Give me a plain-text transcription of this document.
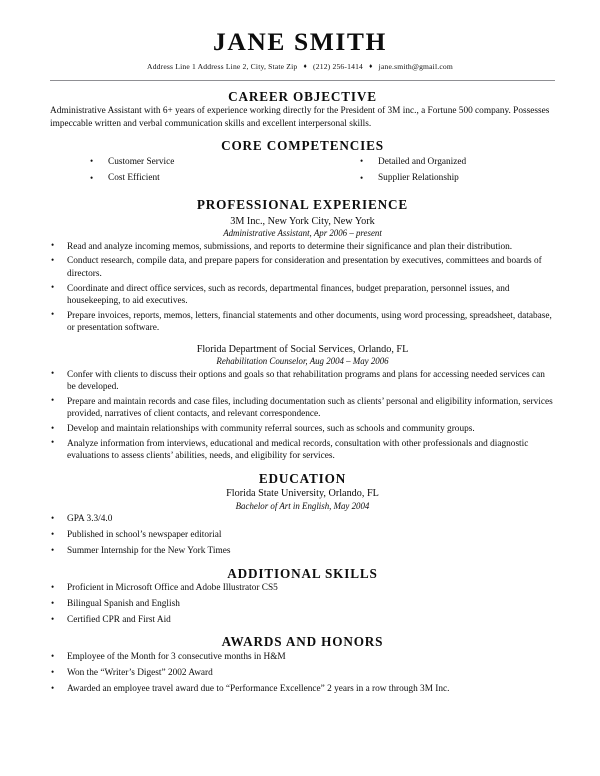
JANE SMITH
Address Line 1 Address Line 2, City, State Zip ♦ (212) 256-1414 ♦ jane.smith@gmail.com
CAREER OBJECTIVE

Administrative Assistant with 6+ years of experience working directly for the President of 3M inc., a Fortune 500 company. Possesses impeccable written and verbal communication skills and excellent interpersonal skills.

CORE COMPETENCIES
• Customer Service
• Cost Efficient
• Detailed and Organized
• Supplier Relationship
PROFESSIONAL EXPERIENCE
3M Inc., New York City, New York
Administrative Assistant, Apr 2006 – present
• Read and analyze incoming memos, submissions, and reports to determine their significance and plan their distribution.
• Conduct research, compile data, and prepare papers for consideration and presentation by executives, committees and boards of directors.
• Coordinate and direct office services, such as records, departmental finances, budget preparation, personnel issues, and housekeeping, to aid executives.
• Prepare invoices, reports, memos, letters, financial statements and other documents, using word processing, spreadsheet, database, or presentation software.
Florida Department of Social Services, Orlando, FL
Rehabilitation Counselor, Aug 2004 – May 2006
• Confer with clients to discuss their options and goals so that rehabilitation programs and plans for accessing needed services can be developed.
• Prepare and maintain records and case files, including documentation such as clients’ personal and eligibility information, services provided, narratives of client contacts, and relevant correspondence.
• Develop and maintain relationships with community referral sources, such as schools and community groups.
• Analyze information from interviews, educational and medical records, consultation with other professionals and diagnostic evaluations to assess clients’ abilities, needs, and eligibility for services.
EDUCATION
Florida State University, Orlando, FL
Bachelor of Art in English, May 2004
• GPA 3.3/4.0
• Published in school’s newspaper editorial
• Summer Internship for the New York Times
ADDITIONAL SKILLS
• Proficient in Microsoft Office and Adobe Illustrator CS5
• Bilingual Spanish and English
• Certified CPR and First Aid
AWARDS AND HONORS
• Employee of the Month for 3 consecutive months in H&M
• Won the “Writer’s Digest” 2002 Award
• Awarded an employee travel award due to “Performance Excellence” 2 years in a row through 3M Inc.
